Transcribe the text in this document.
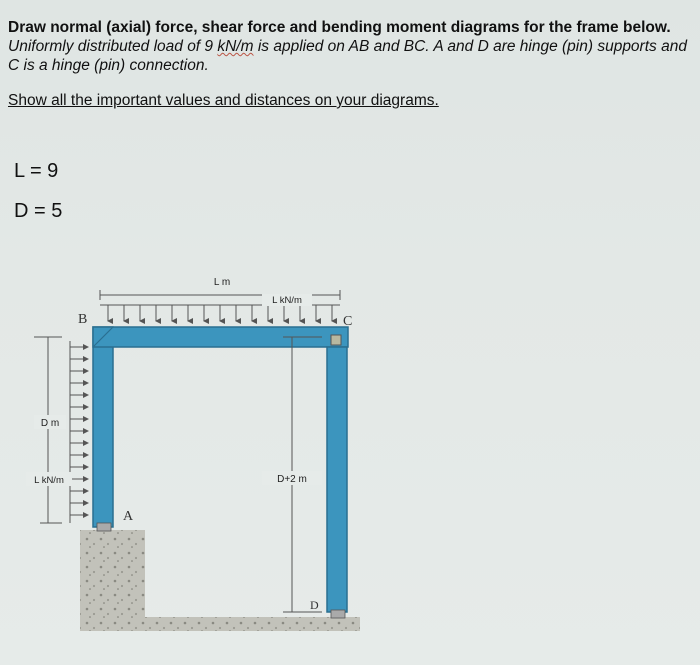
Draw normal (axial) force, shear force and bending moment diagrams for the frame below. Uniformly distributed load of 9 kN/m is applied on AB and BC. A and D are hinge (pin) supports and C is a hinge (pin) connection.
Show all the important values and distances on your diagrams.
L = 9
D = 5
L m
L kN/m
B	C
A
D
D m
L kN/m	D+2 m
